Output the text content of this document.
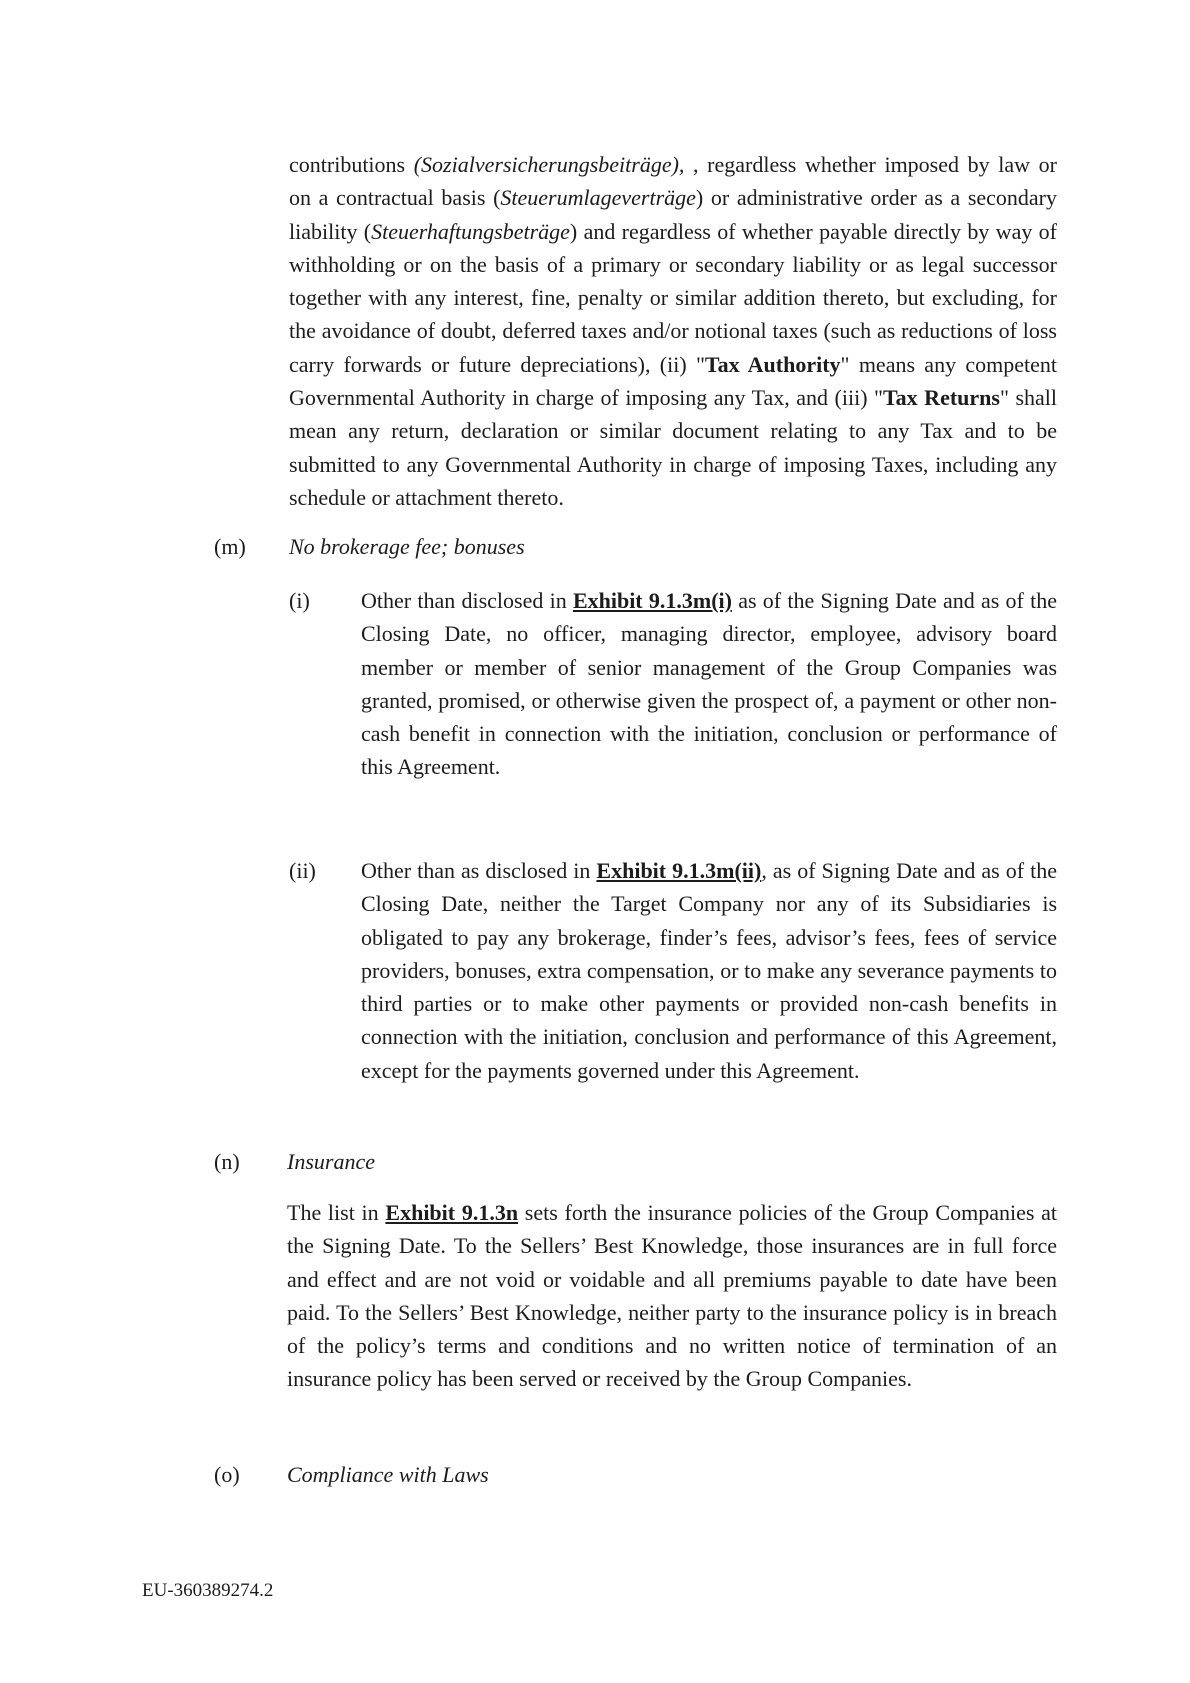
contributions (Sozialversicherungsbeiträge), , regardless whether imposed by law or on a contractual basis (Steuerumlageverträge) or administrative order as a secondary liability (Steuerhaftungsbeträge) and regardless of whether payable directly by way of withholding or on the basis of a primary or secondary liability or as legal successor together with any interest, fine, penalty or similar addition thereto, but excluding, for the avoidance of doubt, deferred taxes and/or notional taxes (such as reductions of loss carry forwards or future depreciations), (ii) "Tax Authority" means any competent Governmental Authority in charge of imposing any Tax, and (iii) "Tax Returns" shall mean any return, declaration or similar document relating to any Tax and to be submitted to any Governmental Authority in charge of imposing Taxes, including any schedule or attachment thereto.
(m) No brokerage fee; bonuses
(i) Other than disclosed in Exhibit 9.1.3m(i) as of the Signing Date and as of the Closing Date, no officer, managing director, employee, advisory board member or member of senior management of the Group Companies was granted, promised, or otherwise given the prospect of, a payment or other non-cash benefit in connection with the initiation, conclusion or performance of this Agreement.
(ii) Other than as disclosed in Exhibit 9.1.3m(ii), as of Signing Date and as of the Closing Date, neither the Target Company nor any of its Subsidiaries is obligated to pay any brokerage, finder’s fees, advisor’s fees, fees of service providers, bonuses, extra compensation, or to make any severance payments to third parties or to make other payments or provided non-cash benefits in connection with the initiation, conclusion and performance of this Agreement, except for the payments governed under this Agreement.
(n) Insurance
The list in Exhibit 9.1.3n sets forth the insurance policies of the Group Companies at the Signing Date. To the Sellers’ Best Knowledge, those insurances are in full force and effect and are not void or voidable and all premiums payable to date have been paid. To the Sellers’ Best Knowledge, neither party to the insurance policy is in breach of the policy’s terms and conditions and no written notice of termination of an insurance policy has been served or received by the Group Companies.
(o) Compliance with Laws
EU-360389274.2
